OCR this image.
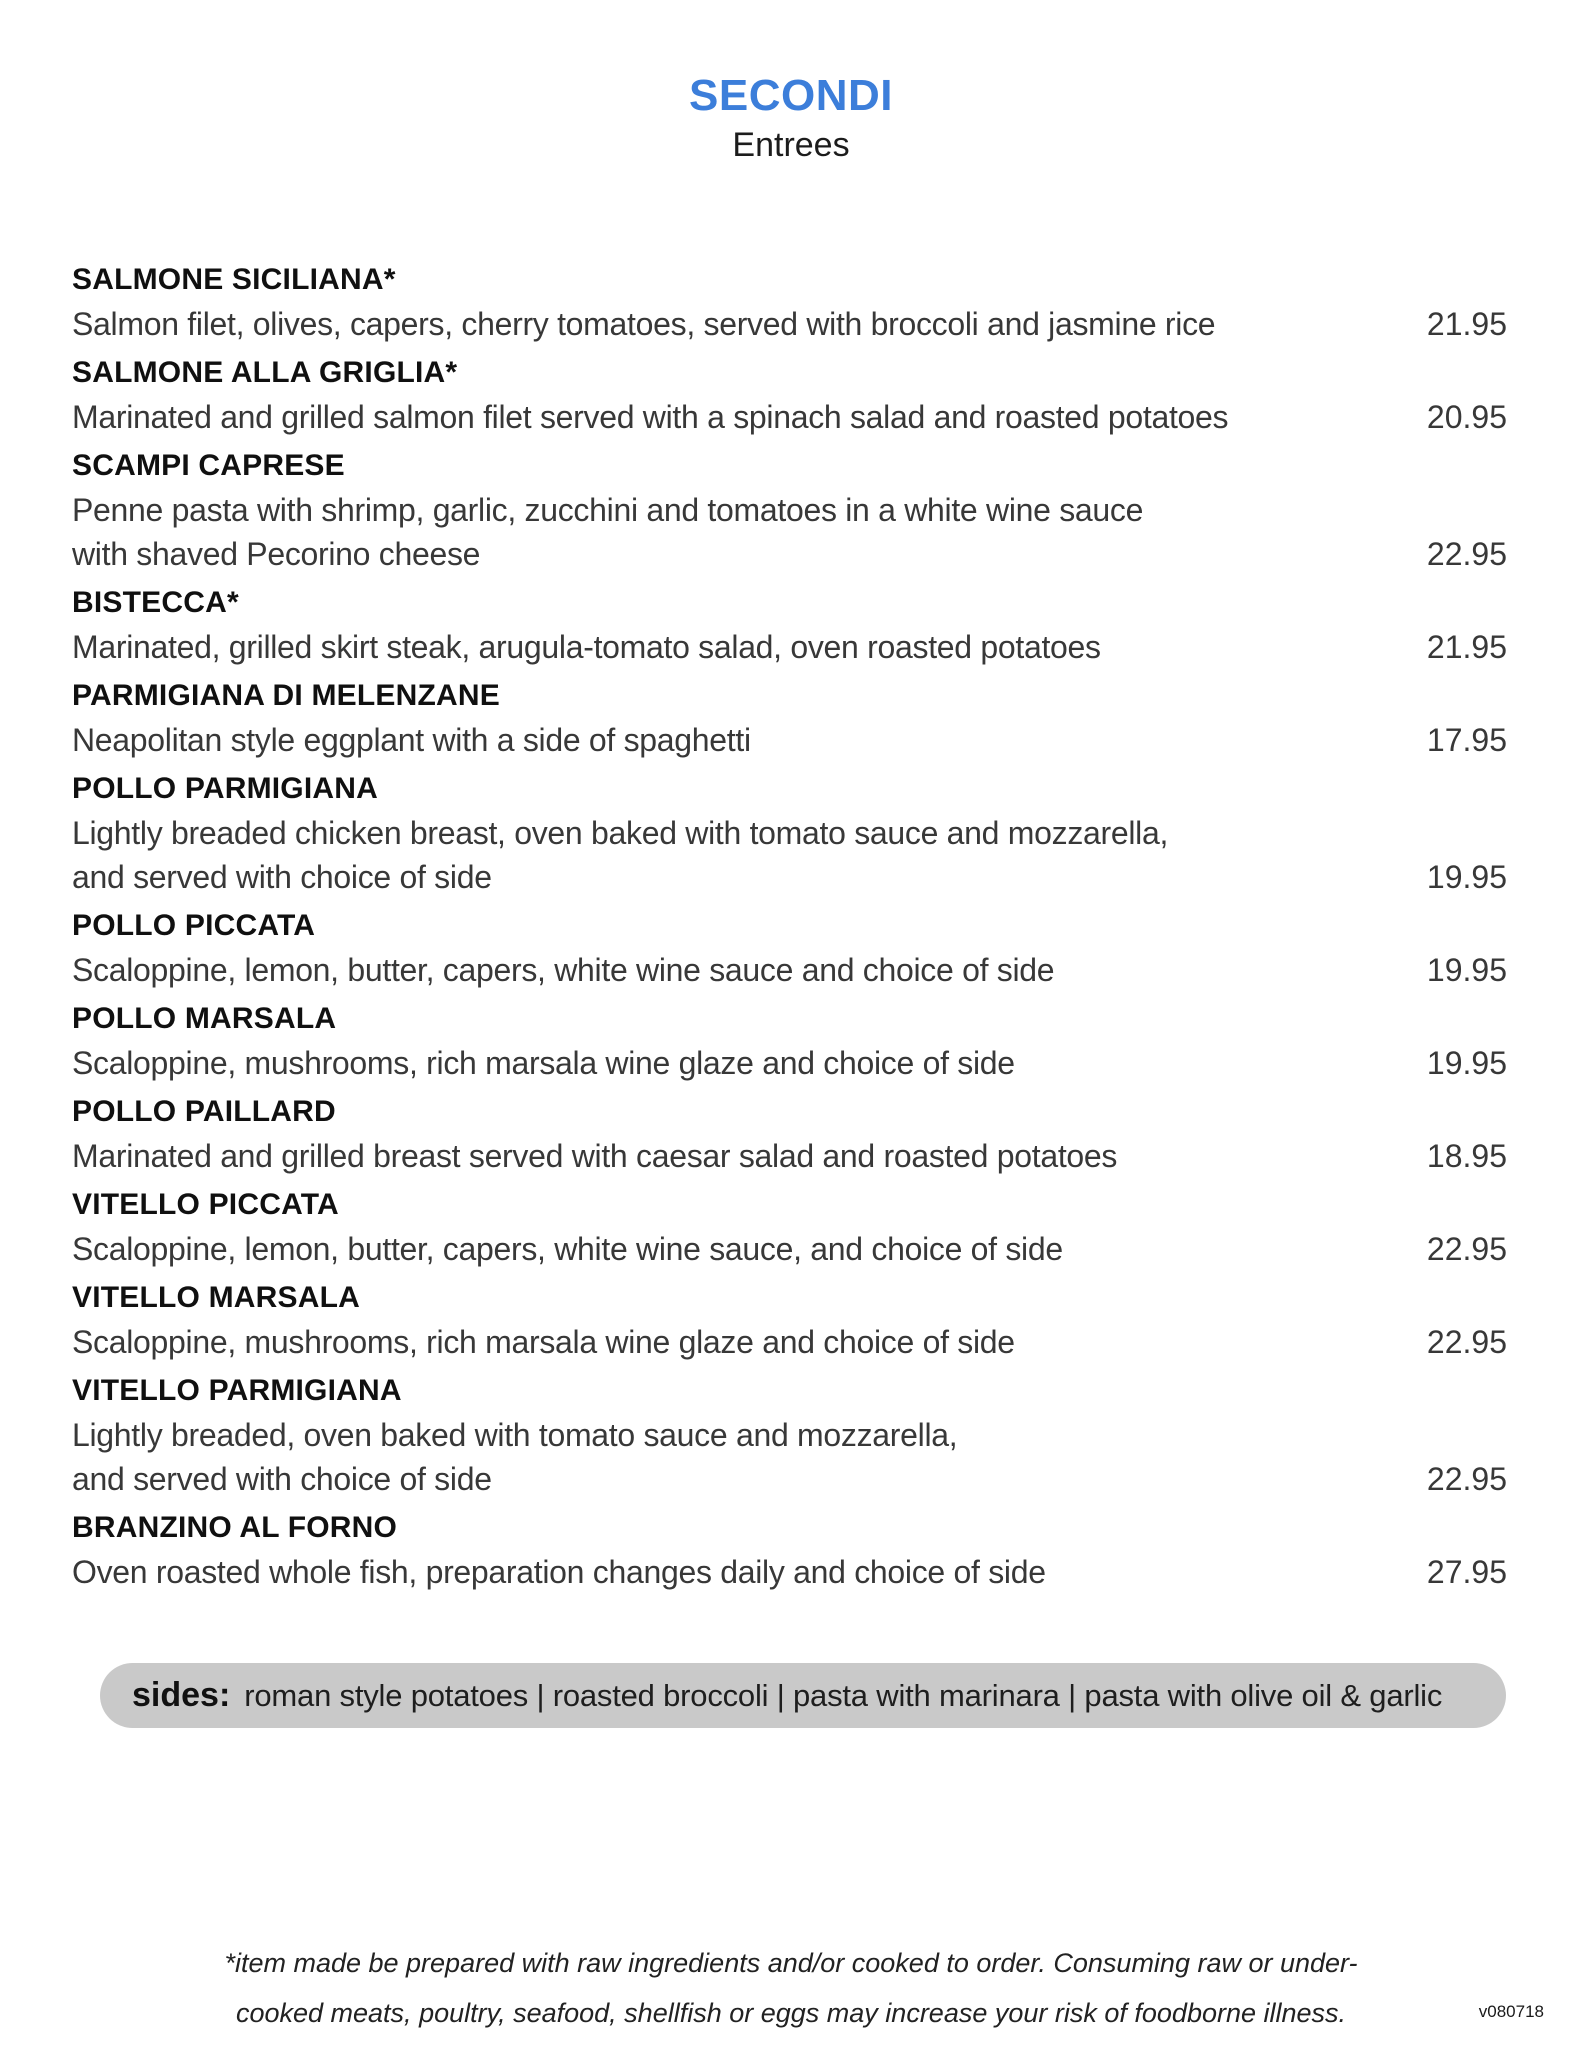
SECONDI
Entrees
SALMONE SICILIANA*
Salmon filet, olives, capers, cherry tomatoes, served with broccoli and jasmine rice	21.95
SALMONE ALLA GRIGLIA*
Marinated and grilled salmon filet served with a spinach salad and roasted potatoes	20.95
SCAMPI CAPRESE
Penne pasta with shrimp, garlic, zucchini and tomatoes in a white wine sauce
with shaved Pecorino cheese	22.95
BISTECCA*
Marinated, grilled skirt steak, arugula-tomato salad, oven roasted potatoes	21.95
PARMIGIANA DI MELENZANE
Neapolitan style eggplant with a side of spaghetti	17.95
POLLO PARMIGIANA
Lightly breaded chicken breast, oven baked with tomato sauce and mozzarella,
and served with choice of side	19.95
POLLO PICCATA
Scaloppine, lemon, butter, capers, white wine sauce and choice of side	19.95
POLLO MARSALA
Scaloppine, mushrooms, rich marsala wine glaze and choice of side	19.95
POLLO PAILLARD
Marinated and grilled breast served with caesar salad and roasted potatoes	18.95
VITELLO PICCATA
Scaloppine, lemon, butter, capers, white wine sauce, and choice of side	22.95
VITELLO MARSALA
Scaloppine, mushrooms, rich marsala wine glaze and choice of side	22.95
VITELLO PARMIGIANA
Lightly breaded, oven baked with tomato sauce and mozzarella,
and served with choice of side	22.95
BRANZINO AL FORNO
Oven roasted whole fish, preparation changes daily and choice of side	27.95
sides: roman style potatoes | roasted broccoli | pasta with marinara | pasta with olive oil & garlic
*item made be prepared with raw ingredients and/or cooked to order. Consuming raw or under-
cooked meats, poultry, seafood, shellfish or eggs may increase your risk of foodborne illness.	v080718
